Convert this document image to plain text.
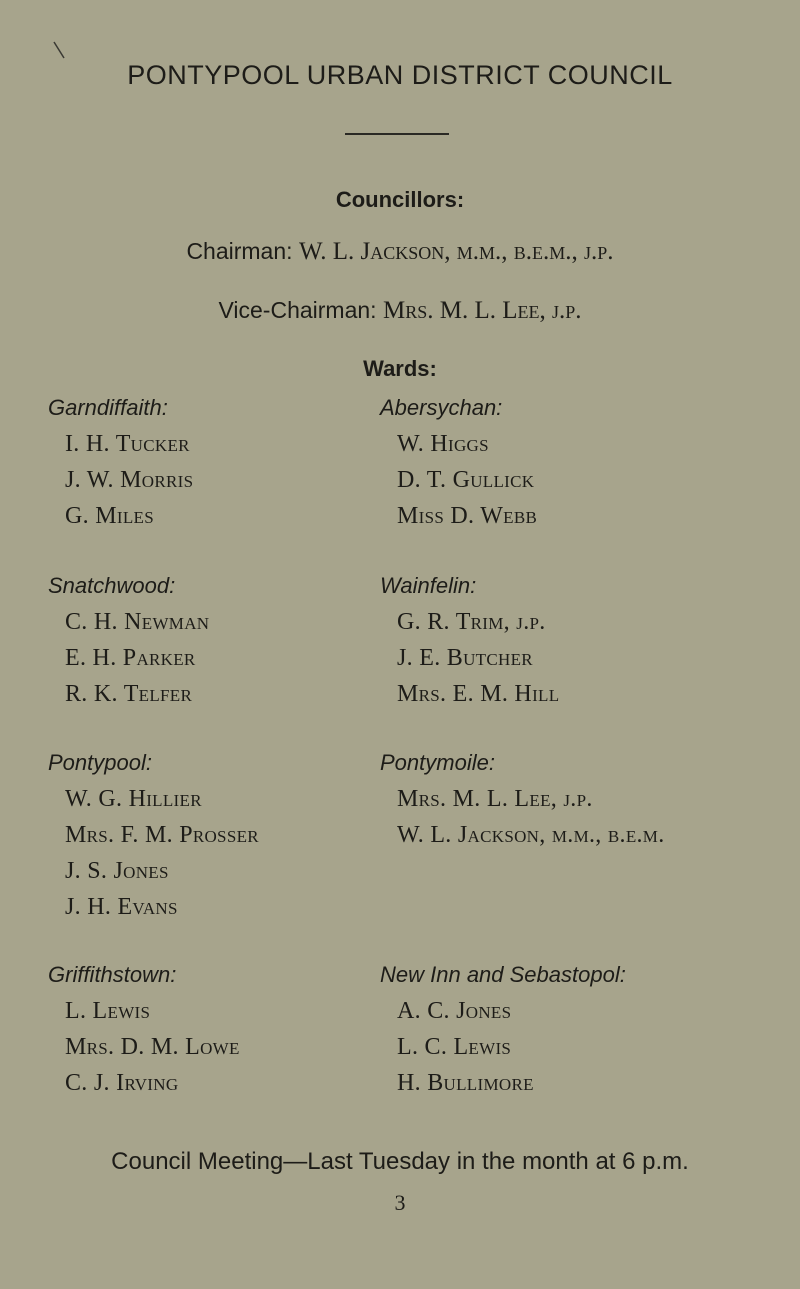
PONTYPOOL URBAN DISTRICT COUNCIL
Councillors:
Chairman: W. L. Jackson, m.m., b.e.m., j.p.
Vice-Chairman: Mrs. M. L. Lee, j.p.
Wards:
Garndiffaith:
I. H. Tucker
J. W. Morris
G. Miles
Snatchwood:
C. H. Newman
E. H. Parker
R. K. Telfer
Pontypool:
W. G. Hillier
Mrs. F. M. Prosser
J. S. Jones
J. H. Evans
Griffithstown:
L. Lewis
Mrs. D. M. Lowe
C. J. Irving
Abersychan:
W. Higgs
D. T. Gullick
Miss D. Webb
Wainfelin:
G. R. Trim, j.p.
J. E. Butcher
Mrs. E. M. Hill
Pontymoile:
Mrs. M. L. Lee, j.p.
W. L. Jackson, m.m., b.e.m.
New Inn and Sebastopol:
A. C. Jones
L. C. Lewis
H. Bullimore
Council Meeting—Last Tuesday in the month at 6 p.m.
3
